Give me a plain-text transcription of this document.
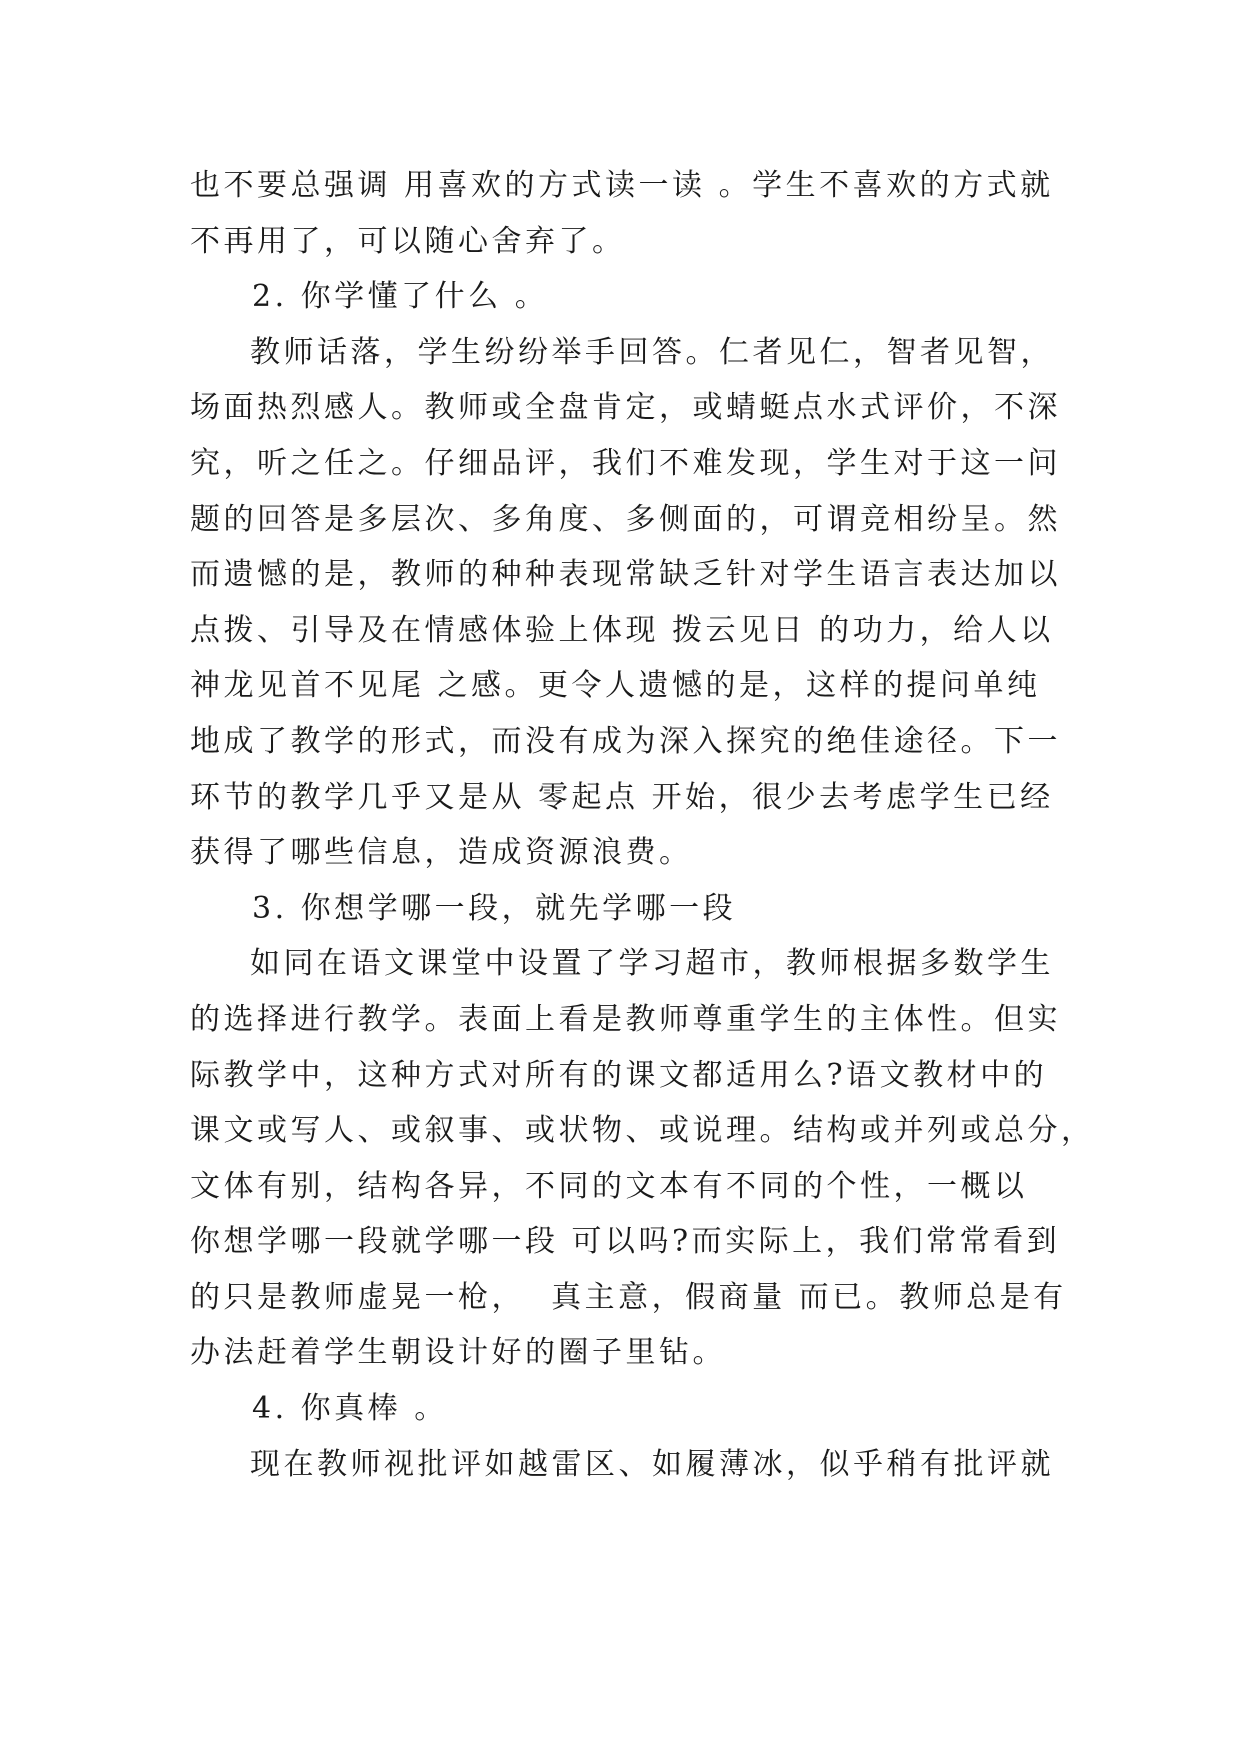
也不要总强调 用喜欢的方式读一读 。学生不喜欢的方式就
不再用了，可以随心舍弃了。
2. 你学懂了什么 。
教师话落，学生纷纷举手回答。仁者见仁，智者见智，
场面热烈感人。教师或全盘肯定，或蜻蜓点水式评价，不深
究，听之任之。仔细品评，我们不难发现，学生对于这一问
题的回答是多层次、多角度、多侧面的，可谓竞相纷呈。然
而遗憾的是，教师的种种表现常缺乏针对学生语言表达加以
点拨、引导及在情感体验上体现 拨云见日 的功力，给人以
神龙见首不见尾 之感。更令人遗憾的是，这样的提问单纯
地成了教学的形式，而没有成为深入探究的绝佳途径。下一
环节的教学几乎又是从 零起点 开始，很少去考虑学生已经
获得了哪些信息，造成资源浪费。
3. 你想学哪一段，就先学哪一段
如同在语文课堂中设置了学习超市，教师根据多数学生
的选择进行教学。表面上看是教师尊重学生的主体性。但实
际教学中，这种方式对所有的课文都适用么?语文教材中的
课文或写人、或叙事、或状物、或说理。结构或并列或总分，
文体有别，结构各异，不同的文本有不同的个性，一概以
你想学哪一段就学哪一段 可以吗?而实际上，我们常常看到
的只是教师虚晃一枪，  真主意，假商量 而已。教师总是有
办法赶着学生朝设计好的圈子里钻。
4. 你真棒 。
现在教师视批评如越雷区、如履薄冰，似乎稍有批评就
